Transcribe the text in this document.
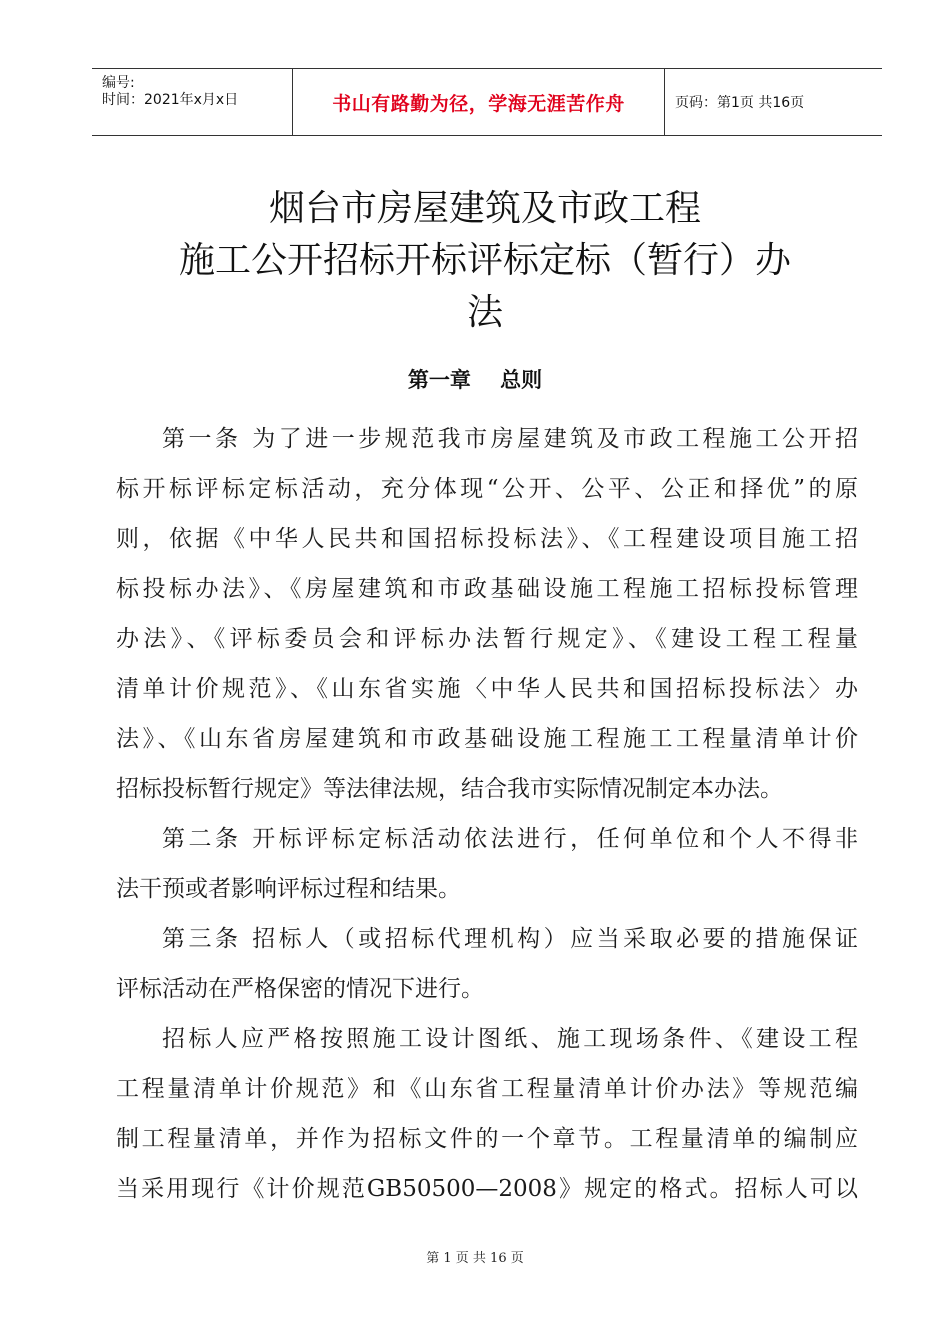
编号:
时间：2021年x月x日	书山有路勤为径，学海无涯苦作舟	页码：第1页 共16页
烟台市房屋建筑及市政工程
施工公开招标开标评标定标（暂行）办
法
第一章    总则
第一条 为了进一步规范我市房屋建筑及市政工程施工公开招
标开标评标定标活动，充分体现“公开、公平、公正和择优”的原
则，依据《中华人民共和国招标投标法》、《工程建设项目施工招
标投标办法》、《房屋建筑和市政基础设施工程施工招标投标管理
办法》、《评标委员会和评标办法暂行规定》、《建设工程工程量
清单计价规范》、《山东省实施〈中华人民共和国招标投标法〉办
法》、《山东省房屋建筑和市政基础设施工程施工工程量清单计价
招标投标暂行规定》等法律法规，结合我市实际情况制定本办法。
第二条 开标评标定标活动依法进行，任何单位和个人不得非
法干预或者影响评标过程和结果。
第三条 招标人（或招标代理机构）应当采取必要的措施保证
评标活动在严格保密的情况下进行。
招标人应严格按照施工设计图纸、施工现场条件、《建设工程
工程量清单计价规范》和《山东省工程量清单计价办法》等规范编
制工程量清单，并作为招标文件的一个章节。工程量清单的编制应
当采用现行《计价规范GB50500—2008》规定的格式。招标人可以
第 1 页 共 16 页
